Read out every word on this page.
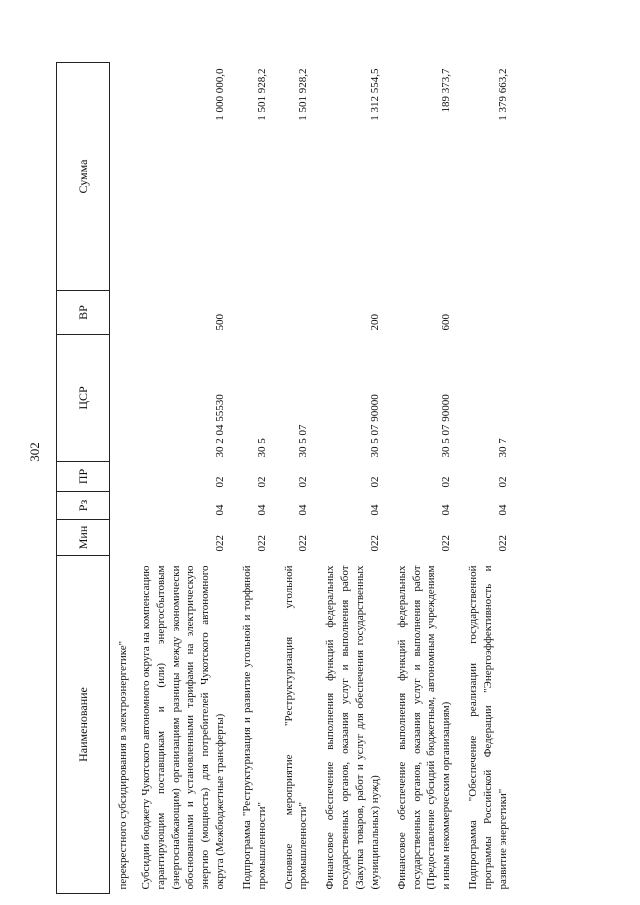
302
Наименование	Мин	Рз	ПР	ЦСР	ВР	Сумма
перекрестного субсидирования в электроэнергетике"						
Субсидии бюджету Чукотского автономного округа на компенсацию гарантирующим поставщикам и (или) энергосбытовым (энергоснабжающим) организациям разницы между экономически обоснованными и установленными тарифами на электрическую энергию (мощность) для потребителей Чукотского автономного округа (Межбюджетные трансферты)	022	04	02	30 2 04 55530	500	1 000 000,0
Подпрограмма "Реструктуризация и развитие угольной и торфяной промышленности"	022	04	02	30 5		1 501 928,2
Основное мероприятие "Реструктуризация угольной промышленности"	022	04	02	30 5 07		1 501 928,2
Финансовое обеспечение выполнения функций федеральных государственных органов, оказания услуг и выполнения работ (Закупка товаров, работ и услуг для обеспечения государственных (муниципальных) нужд)	022	04	02	30 5 07 90000	200	1 312 554,5
Финансовое обеспечение выполнения функций федеральных государственных органов, оказания услуг и выполнения работ (Предоставление субсидий бюджетным, автономным учреждениям и иным некоммерческим организациям)	022	04	02	30 5 07 90000	600	189 373,7
Подпрограмма "Обеспечение реализации государственной программы Российской Федерации "Энергоэффективность и развитие энергетики"	022	04	02	30 7		1 379 663,2
